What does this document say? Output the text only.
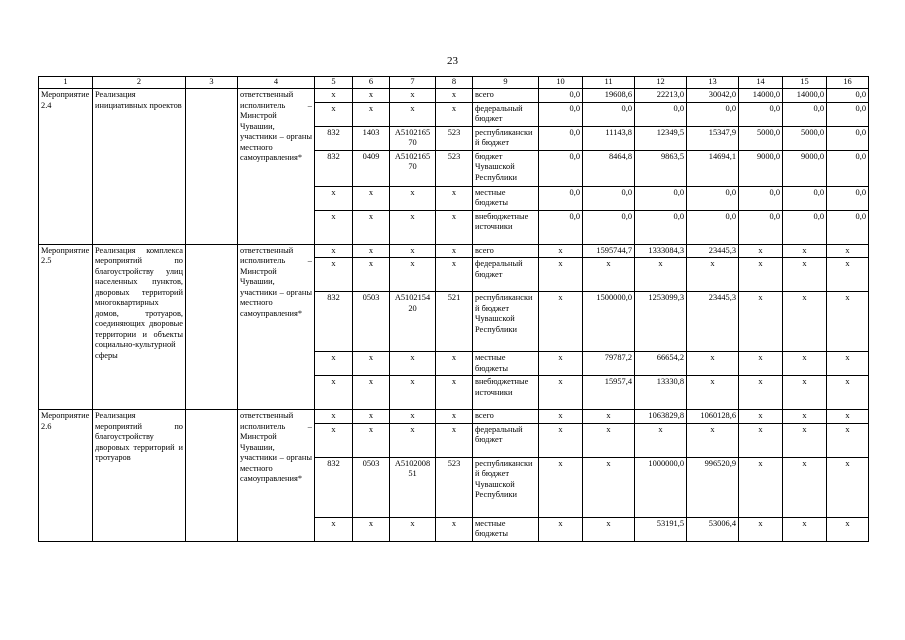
23
1	2	3	4	5	6	7	8	9	10	11	12	13	14	15	16
Мероприятие 2.4	Реализация инициативных проектов		ответственный исполнитель – Минстрой Чувашии, участники – органы местного самоуправления*	x	x	x	x	всего	0,0	19608,6	22213,0	30042,0	14000,0	14000,0	0,0
				x	x	x	x	федеральный бюджет	0,0	0,0	0,0	0,0	0,0	0,0	0,0
				832	1403	А5102165 70	523	республиканский бюджет	0,0	11143,8	12349,5	15347,9	5000,0	5000,0	0,0
				832	0409	А5102165 70	523	бюджет Чувашской Республики	0,0	8464,8	9863,5	14694,1	9000,0	9000,0	0,0
				x	x	x	x	местные бюджеты	0,0	0,0	0,0	0,0	0,0	0,0	0,0
				x	x	x	x	внебюджетные источники	0,0	0,0	0,0	0,0	0,0	0,0	0,0
Мероприятие 2.5	Реализация комплекса мероприятий по благоустройству улиц населенных пунктов, дворовых территорий многоквартирных домов, тротуаров, соединяющих дворовые территории и объекты социально-культурной сферы		ответственный исполнитель – Минстрой Чувашии, участники – органы местного самоуправления*	x	x	x	x	всего	x	1595744,7	1333084,3	23445,3	x	x	x
				x	x	x	x	федеральный бюджет	x	x	x	x	x	x	x
				832	0503	А5102154 20	521	республиканский бюджет Чувашской Республики	x	1500000,0	1253099,3	23445,3	x	x	x
				x	x	x	x	местные бюджеты	x	79787,2	66654,2	x	x	x	x
				x	x	x	x	внебюджетные источники	x	15957,4	13330,8	x	x	x	x
Мероприятие 2.6	Реализация мероприятий по благоустройству дворовых территорий и тротуаров		ответственный исполнитель – Минстрой Чувашии, участники – органы местного самоуправления*	x	x	x	x	всего	x	x	1063829,8	1060128,6	x	x	x
				x	x	x	x	федеральный бюджет	x	x	x	x	x	x	x
				832	0503	А5102008 51	523	республиканский бюджет Чувашской Республики	x	x	1000000,0	996520,9	x	x	x
				x	x	x	x	местные бюджеты	x	x	53191,5	53006,4	x	x	x
